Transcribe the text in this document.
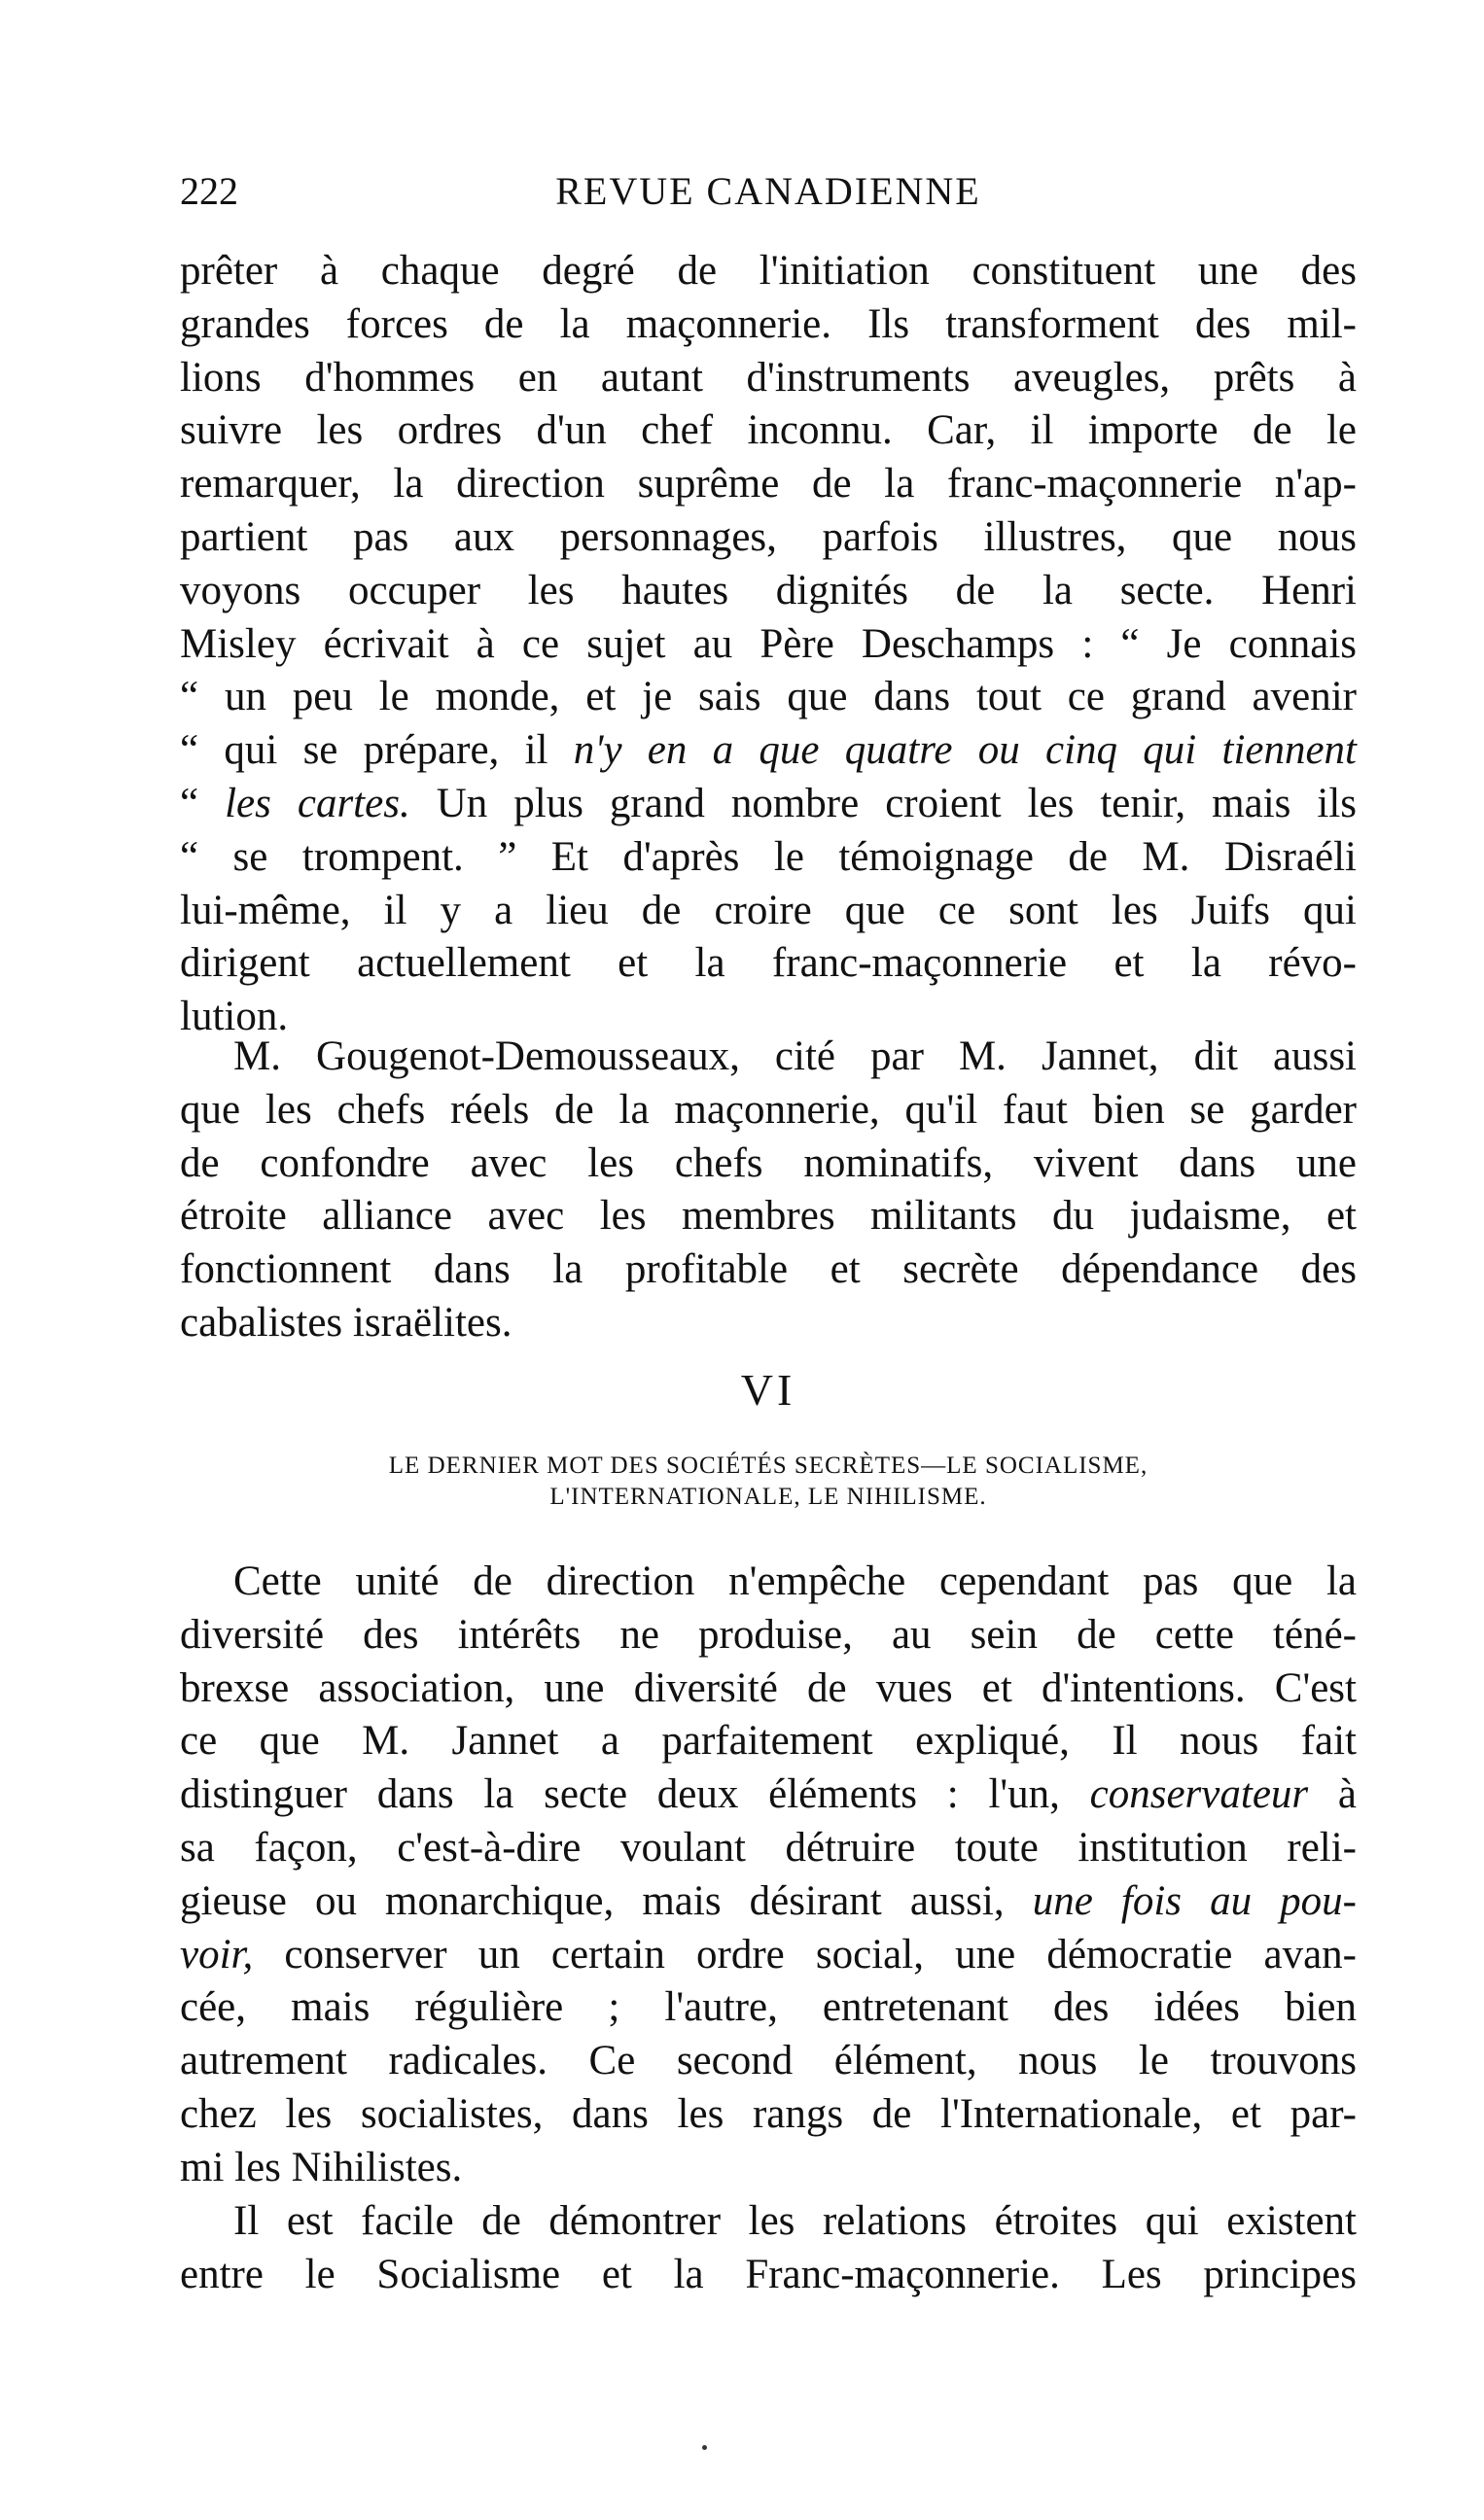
222	REVUE CANADIENNE
prêter à chaque degré de l'initiation constituent une des
grandes forces de la maçonnerie. Ils transforment des mil-
lions d'hommes en autant d'instruments aveugles, prêts à
suivre les ordres d'un chef inconnu. Car, il importe de le
remarquer, la direction suprême de la franc-maçonnerie n'ap-
partient pas aux personnages, parfois illustres, que nous
voyons occuper les hautes dignités de la secte. Henri
Misley écrivait à ce sujet au Père Deschamps : “ Je connais
“ un peu le monde, et je sais que dans tout ce grand avenir
“ qui se prépare, il n'y en a que quatre ou cinq qui tiennent
“ les cartes. Un plus grand nombre croient les tenir, mais ils
“ se trompent. ” Et d'après le témoignage de M. Disraéli
lui-même, il y a lieu de croire que ce sont les Juifs qui
dirigent actuellement et la franc-maçonnerie et la révo-
lution.
M. Gougenot-Demousseaux, cité par M. Jannet, dit aussi
que les chefs réels de la maçonnerie, qu'il faut bien se garder
de confondre avec les chefs nominatifs, vivent dans une
étroite alliance avec les membres militants du judaisme, et
fonctionnent dans la profitable et secrète dépendance des
cabalistes israëlites.
VI
LE DERNIER MOT DES SOCIÉTÉS SECRÈTES—LE SOCIALISME,
L'INTERNATIONALE, LE NIHILISME.
Cette unité de direction n'empêche cependant pas que la
diversité des intérêts ne produise, au sein de cette téné-
brexse association, une diversité de vues et d'intentions. C'est
ce que M. Jannet a parfaitement expliqué, Il nous fait
distinguer dans la secte deux éléments : l'un, conservateur à
sa façon, c'est-à-dire voulant détruire toute institution reli-
gieuse ou monarchique, mais désirant aussi, une fois au pou-
voir, conserver un certain ordre social, une démocratie avan-
cée, mais régulière ; l'autre, entretenant des idées bien
autrement radicales. Ce second élément, nous le trouvons
chez les socialistes, dans les rangs de l'Internationale, et par-
mi les Nihilistes.
Il est facile de démontrer les relations étroites qui existent
entre le Socialisme et la Franc-maçonnerie. Les principes
